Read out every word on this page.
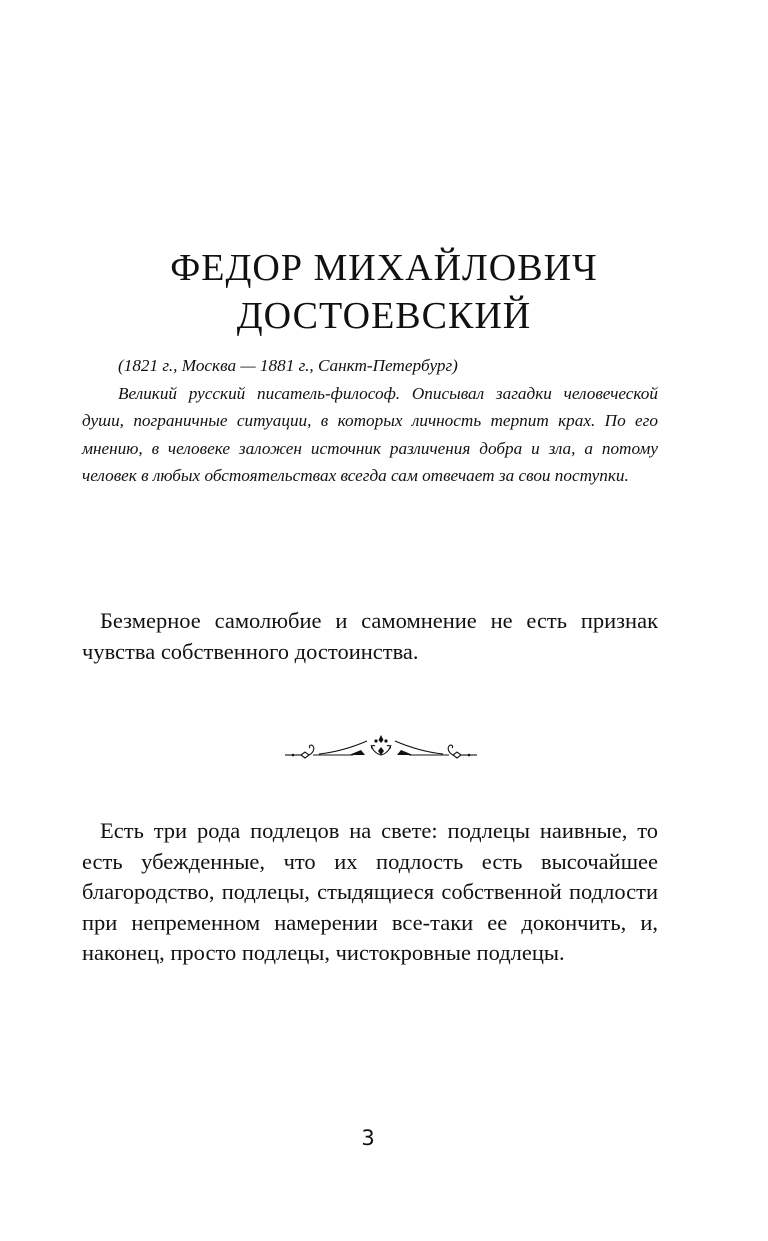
ФЕДОР МИХАЙЛОВИЧ
ДОСТОЕВСКИЙ

(1821 г., Москва — 1881 г., Санкт-Петербург)

Великий русский писатель-философ. Описывал загадки человеческой души, пограничные ситуации, в которых личность терпит крах. По его мнению, в человеке заложен источник различения добра и зла, а потому человек в любых обстоятельствах всегда сам отвечает за свои поступки.

Безмерное самолюбие и самомнение не есть признак чувства собственного достоинства.

Есть три рода подлецов на свете: подлецы наивные, то есть убежденные, что их подлость есть высочайшее благородство, подлецы, стыдящиеся собственной подлости при непременном намерении все-таки ее докончить, и, наконец, просто подлецы, чистокровные подлецы.

3
